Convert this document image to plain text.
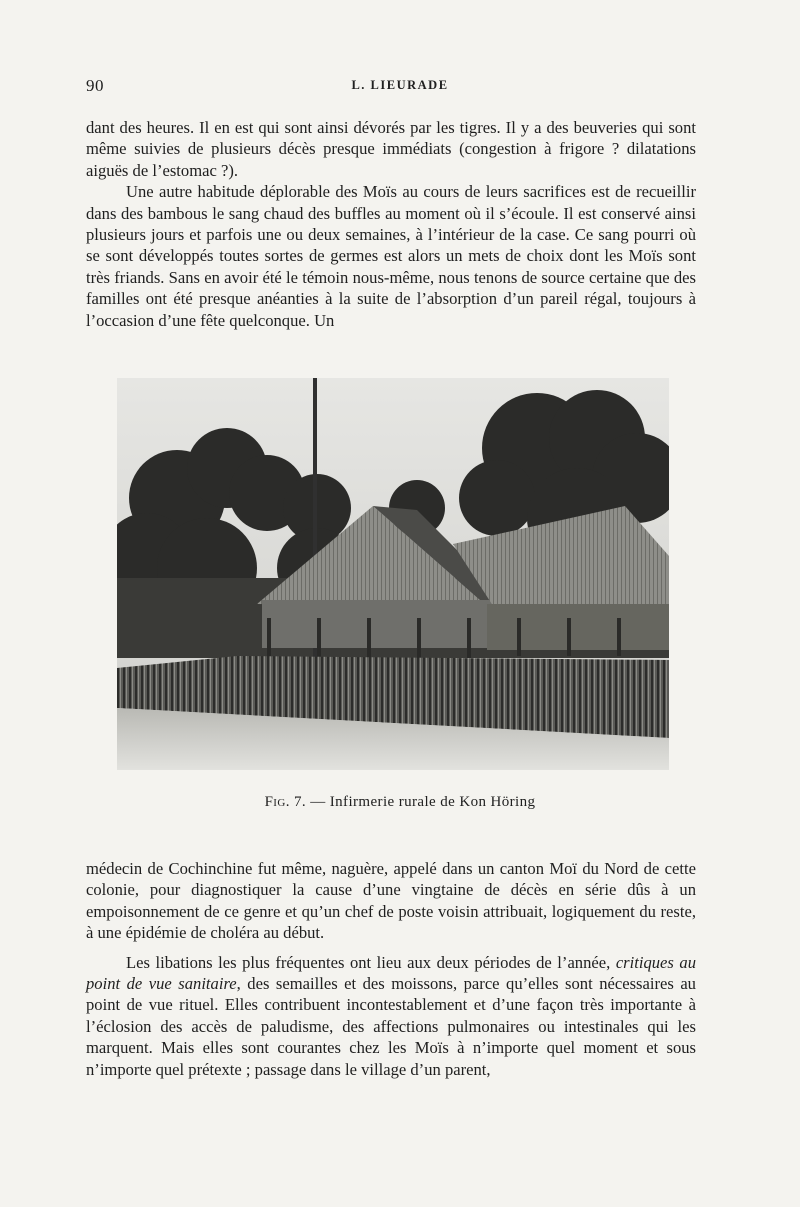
90	L. LIEURADE

dant des heures. Il en est qui sont ainsi dévorés par les tigres. Il y a des beuveries qui sont même suivies de plusieurs décès presque immédiats (congestion à frigore ? dilatations aiguës de l’estomac ?).

Une autre habitude déplorable des Moïs au cours de leurs sacrifices est de recueillir dans des bambous le sang chaud des buffles au moment où il s’écoule. Il est conservé ainsi plusieurs jours et parfois une ou deux semaines, à l’intérieur de la case. Ce sang pourri où se sont développés toutes sortes de germes est alors un mets de choix dont les Moïs sont très friands. Sans en avoir été le témoin nous-même, nous tenons de source certaine que des familles ont été presque anéanties à la suite de l’absorption d’un pareil régal, toujours à l’occasion d’une fête quelconque. Un

Fig. 7. — Infirmerie rurale de Kon Höring

médecin de Cochinchine fut même, naguère, appelé dans un canton Moï du Nord de cette colonie, pour diagnostiquer la cause d’une vingtaine de décès en série dûs à un empoisonnement de ce genre et qu’un chef de poste voisin attribuait, logiquement du reste, à une épidémie de choléra au début.

Les libations les plus fréquentes ont lieu aux deux périodes de l’année, critiques au point de vue sanitaire, des semailles et des moissons, parce qu’elles sont nécessaires au point de vue rituel. Elles contribuent incontestablement et d’une façon très importante à l’éclosion des accès de paludisme, des affections pulmonaires ou intestinales qui les marquent. Mais elles sont courantes chez les Moïs à n’importe quel moment et sous n’importe quel prétexte ; passage dans le village d’un parent,
